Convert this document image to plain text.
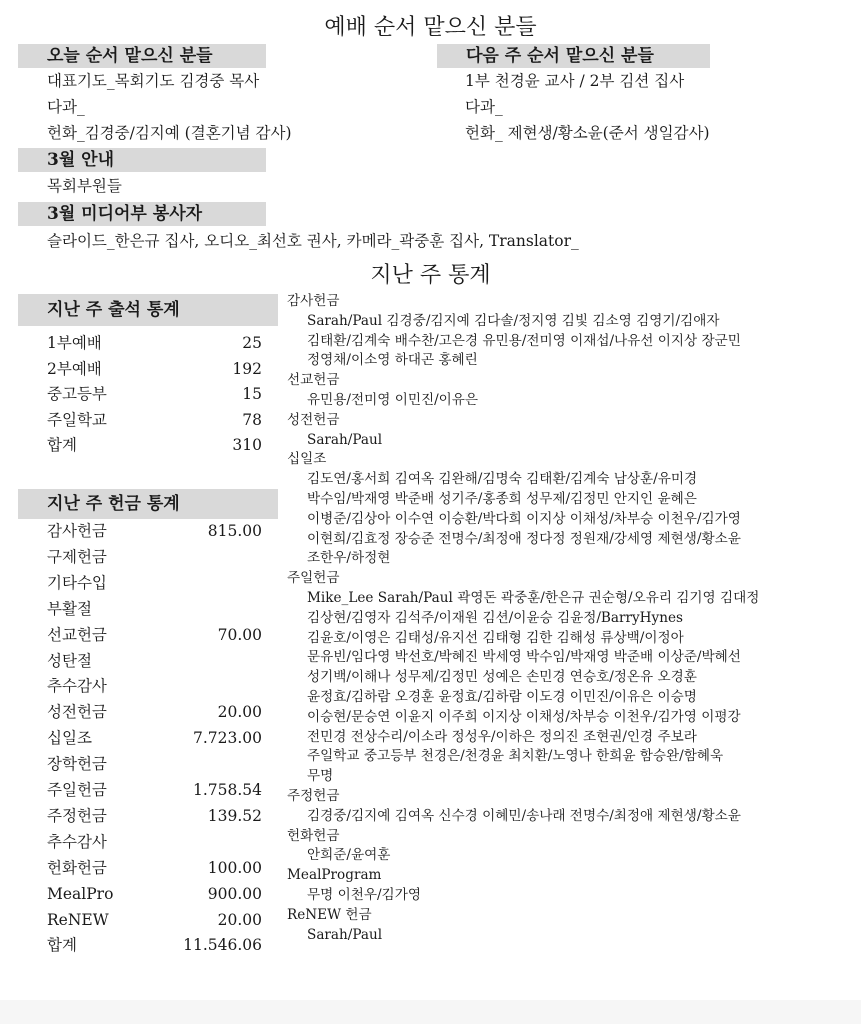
예배 순서 맡으신 분들
오늘 순서 맡으신 분들
대표기도_목회기도 김경중 목사
다과_
헌화_김경중/김지예 (결혼기념 감사)
다음 주 순서 맡으신 분들
1부 천경윤 교사 / 2부 김션 집사
다과_
헌화_ 제현생/황소윤(준서 생일감사)
3월 안내
목회부원들
3월 미디어부 봉사자
슬라이드_한은규 집사, 오디오_최선호 권사, 카메라_곽중훈 집사, Translator_
지난 주 통계
지난 주 출석 통계
1부예배	25
2부예배	192
중고등부	15
주일학교	78
합계	310
지난 주 헌금 통계
감사헌금	815.00
구제헌금
기타수입
부활절
선교헌금	70.00
성탄절
추수감사
성전헌금	20.00
십일조	7.723.00
장학헌금
주일헌금	1.758.54
주정헌금	139.52
추수감사
헌화헌금	100.00
MealPro	900.00
ReNEW	20.00
합계	11.546.06
감사헌금
Sarah/Paul 김경중/김지예 김다솔/정지영 김빛 김소영 김영기/김애자
김태환/김계숙 배수찬/고은경 유민용/전미영 이재섭/나유선 이지상 장군민
정영채/이소영 하대곤 홍혜린
선교헌금
유민용/전미영 이민진/이유은
성전헌금
Sarah/Paul
십일조
김도연/홍서희 김여옥 김완해/김명숙 김태환/김계숙 남상훈/유미경
박수임/박재영 박준배 성기주/홍종희 성무제/김정민 안지인 윤혜은
이병준/김상아 이수연 이승환/박다희 이지상 이채성/차부승 이천우/김가영
이현희/김효정 장승준 전명수/최정애 정다정 정원재/강세영 제현생/황소윤
조한우/하정현
주일헌금
Mike_Lee Sarah/Paul 곽영돈 곽중훈/한은규 권순형/오유리 김기영 김대정
김상현/김영자 김석주/이재원 김션/이윤승 김윤정/BarryHynes
김윤호/이영은 김태성/유지선 김태형 김한 김해성 류상백/이정아
문유빈/임다영 박선호/박혜진 박세영 박수임/박재영 박준배 이상준/박혜선
성기백/이해나 성무제/김정민 성예은 손민경 연승호/정온유 오경훈
윤정효/김하람 오경훈 윤정효/김하람 이도경 이민진/이유은 이승명
이승현/문승연 이윤지 이주희 이지상 이채성/차부승 이천우/김가영 이평강
전민경 전상수리/이소라 정성우/이하은 정의진 조현권/인경 주보라
주일학교 중고등부 천경은/천경윤 최치환/노영나 한희윤 함승완/함혜욱
무명
주정헌금
김경중/김지예 김여옥 신수경 이혜민/송나래 전명수/최정애 제현생/황소윤
헌화헌금
안희준/윤여훈
MealProgram
무명 이천우/김가영
ReNEW 헌금
Sarah/Paul
